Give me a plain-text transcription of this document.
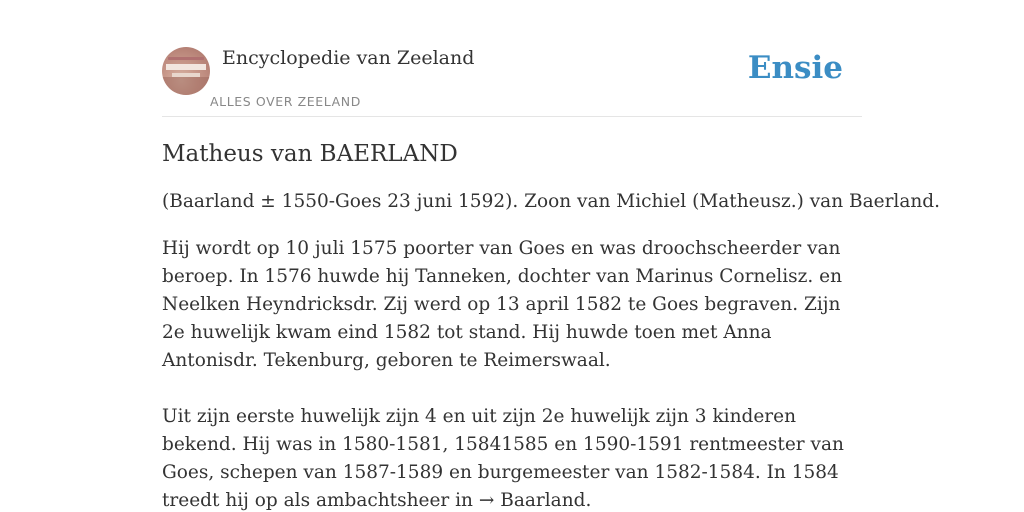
Encyclopedie van Zeeland
ALLES OVER ZEELAND
Ensie
Matheus van BAERLAND

(Baarland ± 1550-Goes 23 juni 1592). Zoon van Michiel (Matheusz.) van Baerland.

Hij wordt op 10 juli 1575 poorter van Goes en was droochscheerder van beroep. In 1576 huwde hij Tanneken, dochter van Marinus Cornelisz. en Neelken Heyndricksdr. Zij werd op 13 april 1582 te Goes begraven. Zijn 2e huwelijk kwam eind 1582 tot stand. Hij huwde toen met Anna Antonisdr. Tekenburg, geboren te Reimerswaal.

Uit zijn eerste huwelijk zijn 4 en uit zijn 2e huwelijk zijn 3 kinderen bekend. Hij was in 1580-1581, 15841585 en 1590-1591 rentmeester van Goes, schepen van 1587-1589 en burgemeester van 1582-1584. In 1584 treedt hij op als ambachtsheer in → Baarland.
